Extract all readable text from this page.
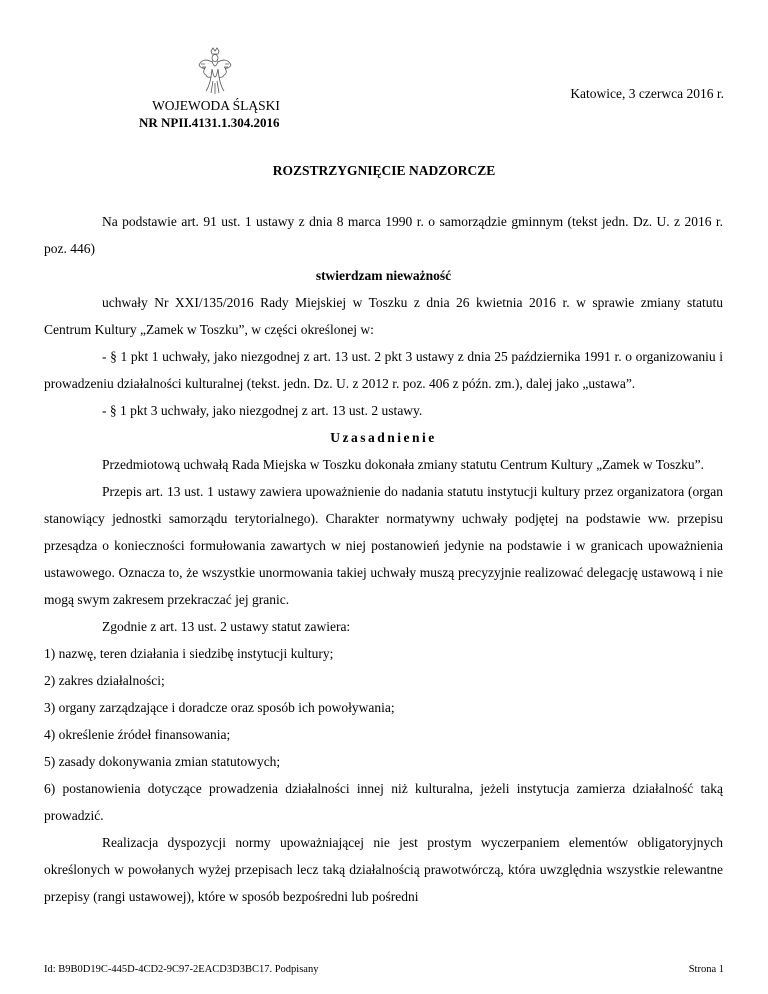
Katowice, 3 czerwca 2016 r.
WOJEWODA ŚLĄSKI
NR NPII.4131.1.304.2016
ROZSTRZYGNIĘCIE NADZORCZE

Na podstawie art. 91 ust. 1 ustawy z dnia 8 marca 1990 r. o samorządzie gminnym (tekst jedn. Dz. U. z 2016 r. poz. 446)

stwierdzam nieważność

uchwały Nr XXI/135/2016 Rady Miejskiej w Toszku z dnia 26 kwietnia 2016 r. w sprawie zmiany statutu Centrum Kultury „Zamek w Toszku”, w części określonej w:

- § 1 pkt 1 uchwały, jako niezgodnej z art. 13 ust. 2 pkt 3 ustawy z dnia 25 października 1991 r. o organizowaniu i prowadzeniu działalności kulturalnej (tekst. jedn. Dz. U. z 2012 r. poz. 406 z późn. zm.), dalej jako „ustawa”.

- § 1 pkt 3 uchwały, jako niezgodnej z art. 13 ust. 2 ustawy.

Uzasadnienie

Przedmiotową uchwałą Rada Miejska w Toszku dokonała zmiany statutu Centrum Kultury „Zamek w Toszku”.

Przepis art. 13 ust. 1 ustawy zawiera upoważnienie do nadania statutu instytucji kultury przez organizatora (organ stanowiący jednostki samorządu terytorialnego). Charakter normatywny uchwały podjętej na podstawie ww. przepisu przesądza o konieczności formułowania zawartych w niej postanowień jedynie na podstawie i w granicach upoważnienia ustawowego. Oznacza to, że wszystkie unormowania takiej uchwały muszą precyzyjnie realizować delegację ustawową i nie mogą swym zakresem przekraczać jej granic.

Zgodnie z art. 13 ust. 2 ustawy statut zawiera:

1) nazwę, teren działania i siedzibę instytucji kultury;

2) zakres działalności;

3) organy zarządzające i doradcze oraz sposób ich powoływania;

4) określenie źródeł finansowania;

5) zasady dokonywania zmian statutowych;

6) postanowienia dotyczące prowadzenia działalności innej niż kulturalna, jeżeli instytucja zamierza działalność taką prowadzić.

Realizacja dyspozycji normy upoważniającej nie jest prostym wyczerpaniem elementów obligatoryjnych określonych w powołanych wyżej przepisach lecz taką działalnością prawotwórczą, która uwzględnia wszystkie relewantne przepisy (rangi ustawowej), które w sposób bezpośredni lub pośredni

Id: B9B0D19C-445D-4CD2-9C97-2EACD3D3BC17. Podpisany	Strona 1
